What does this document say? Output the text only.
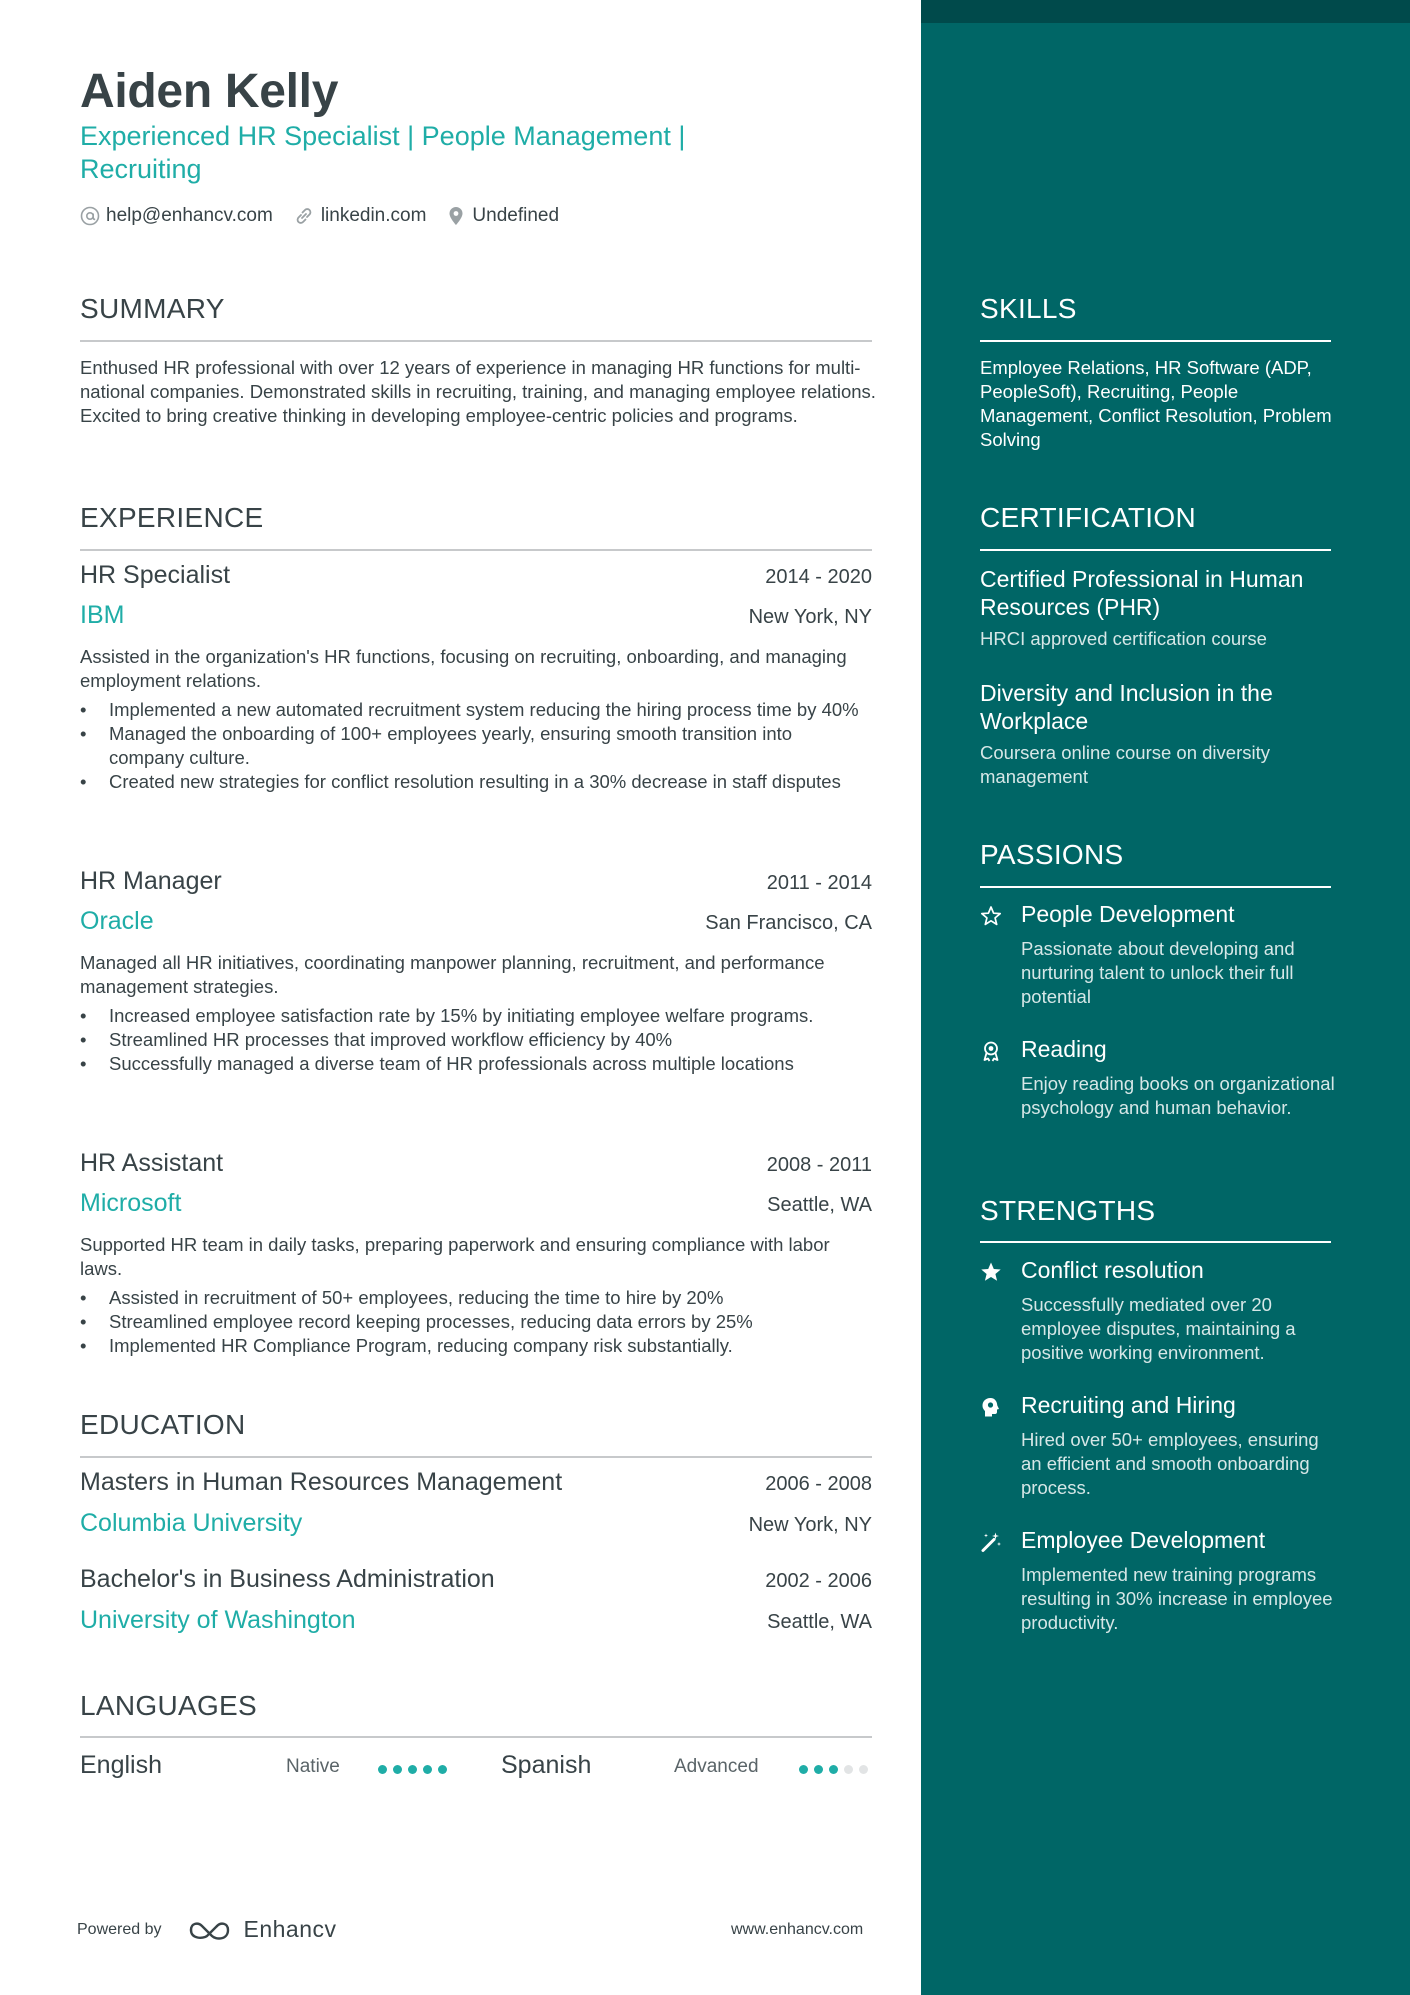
Aiden Kelly
Experienced HR Specialist | People Management |
Recruiting
help@enhancv.com	linkedin.com Undefined
SUMMARY
Enthused HR professional with over 12 years of experience in managing HR functions for multi-national companies. Demonstrated skills in recruiting, training, and managing employee relations. Excited to bring creative thinking in developing employee-centric policies and programs.
EXPERIENCE
HR Specialist	2014 - 2020
IBM	New York, NY
Assisted in the organization's HR functions, focusing on recruiting, onboarding, and managing employment relations.
• Implemented a new automated recruitment system reducing the hiring process time by 40%
• Managed the onboarding of 100+ employees yearly, ensuring smooth transition into company culture.
• Created new strategies for conflict resolution resulting in a 30% decrease in staff disputes
HR Manager	2011 - 2014
Oracle	San Francisco, CA
Managed all HR initiatives, coordinating manpower planning, recruitment, and performance management strategies.
• Increased employee satisfaction rate by 15% by initiating employee welfare programs.
• Streamlined HR processes that improved workflow efficiency by 40%
• Successfully managed a diverse team of HR professionals across multiple locations
HR Assistant	2008 - 2011
Microsoft	Seattle, WA
Supported HR team in daily tasks, preparing paperwork and ensuring compliance with labor laws.
• Assisted in recruitment of 50+ employees, reducing the time to hire by 20%
• Streamlined employee record keeping processes, reducing data errors by 25%
• Implemented HR Compliance Program, reducing company risk substantially.
EDUCATION
Masters in Human Resources Management	2006 - 2008
Columbia University	New York, NY
Bachelor's in Business Administration	2002 - 2006
University of Washington	Seattle, WA
LANGUAGES
English	Native	Spanish	Advanced
Powered by	Enhancv	www.enhancv.com
SKILLS
Employee Relations, HR Software (ADP, PeopleSoft), Recruiting, People Management, Conflict Resolution, Problem Solving
CERTIFICATION
Certified Professional in Human Resources (PHR)
HRCI approved certification course
Diversity and Inclusion in the Workplace
Coursera online course on diversity management
PASSIONS
People Development
Passionate about developing and nurturing talent to unlock their full potential
Reading
Enjoy reading books on organizational psychology and human behavior.
STRENGTHS
Conflict resolution
Successfully mediated over 20 employee disputes, maintaining a positive working environment.
Recruiting and Hiring
Hired over 50+ employees, ensuring an efficient and smooth onboarding process.
Employee Development
Implemented new training programs resulting in 30% increase in employee productivity.
